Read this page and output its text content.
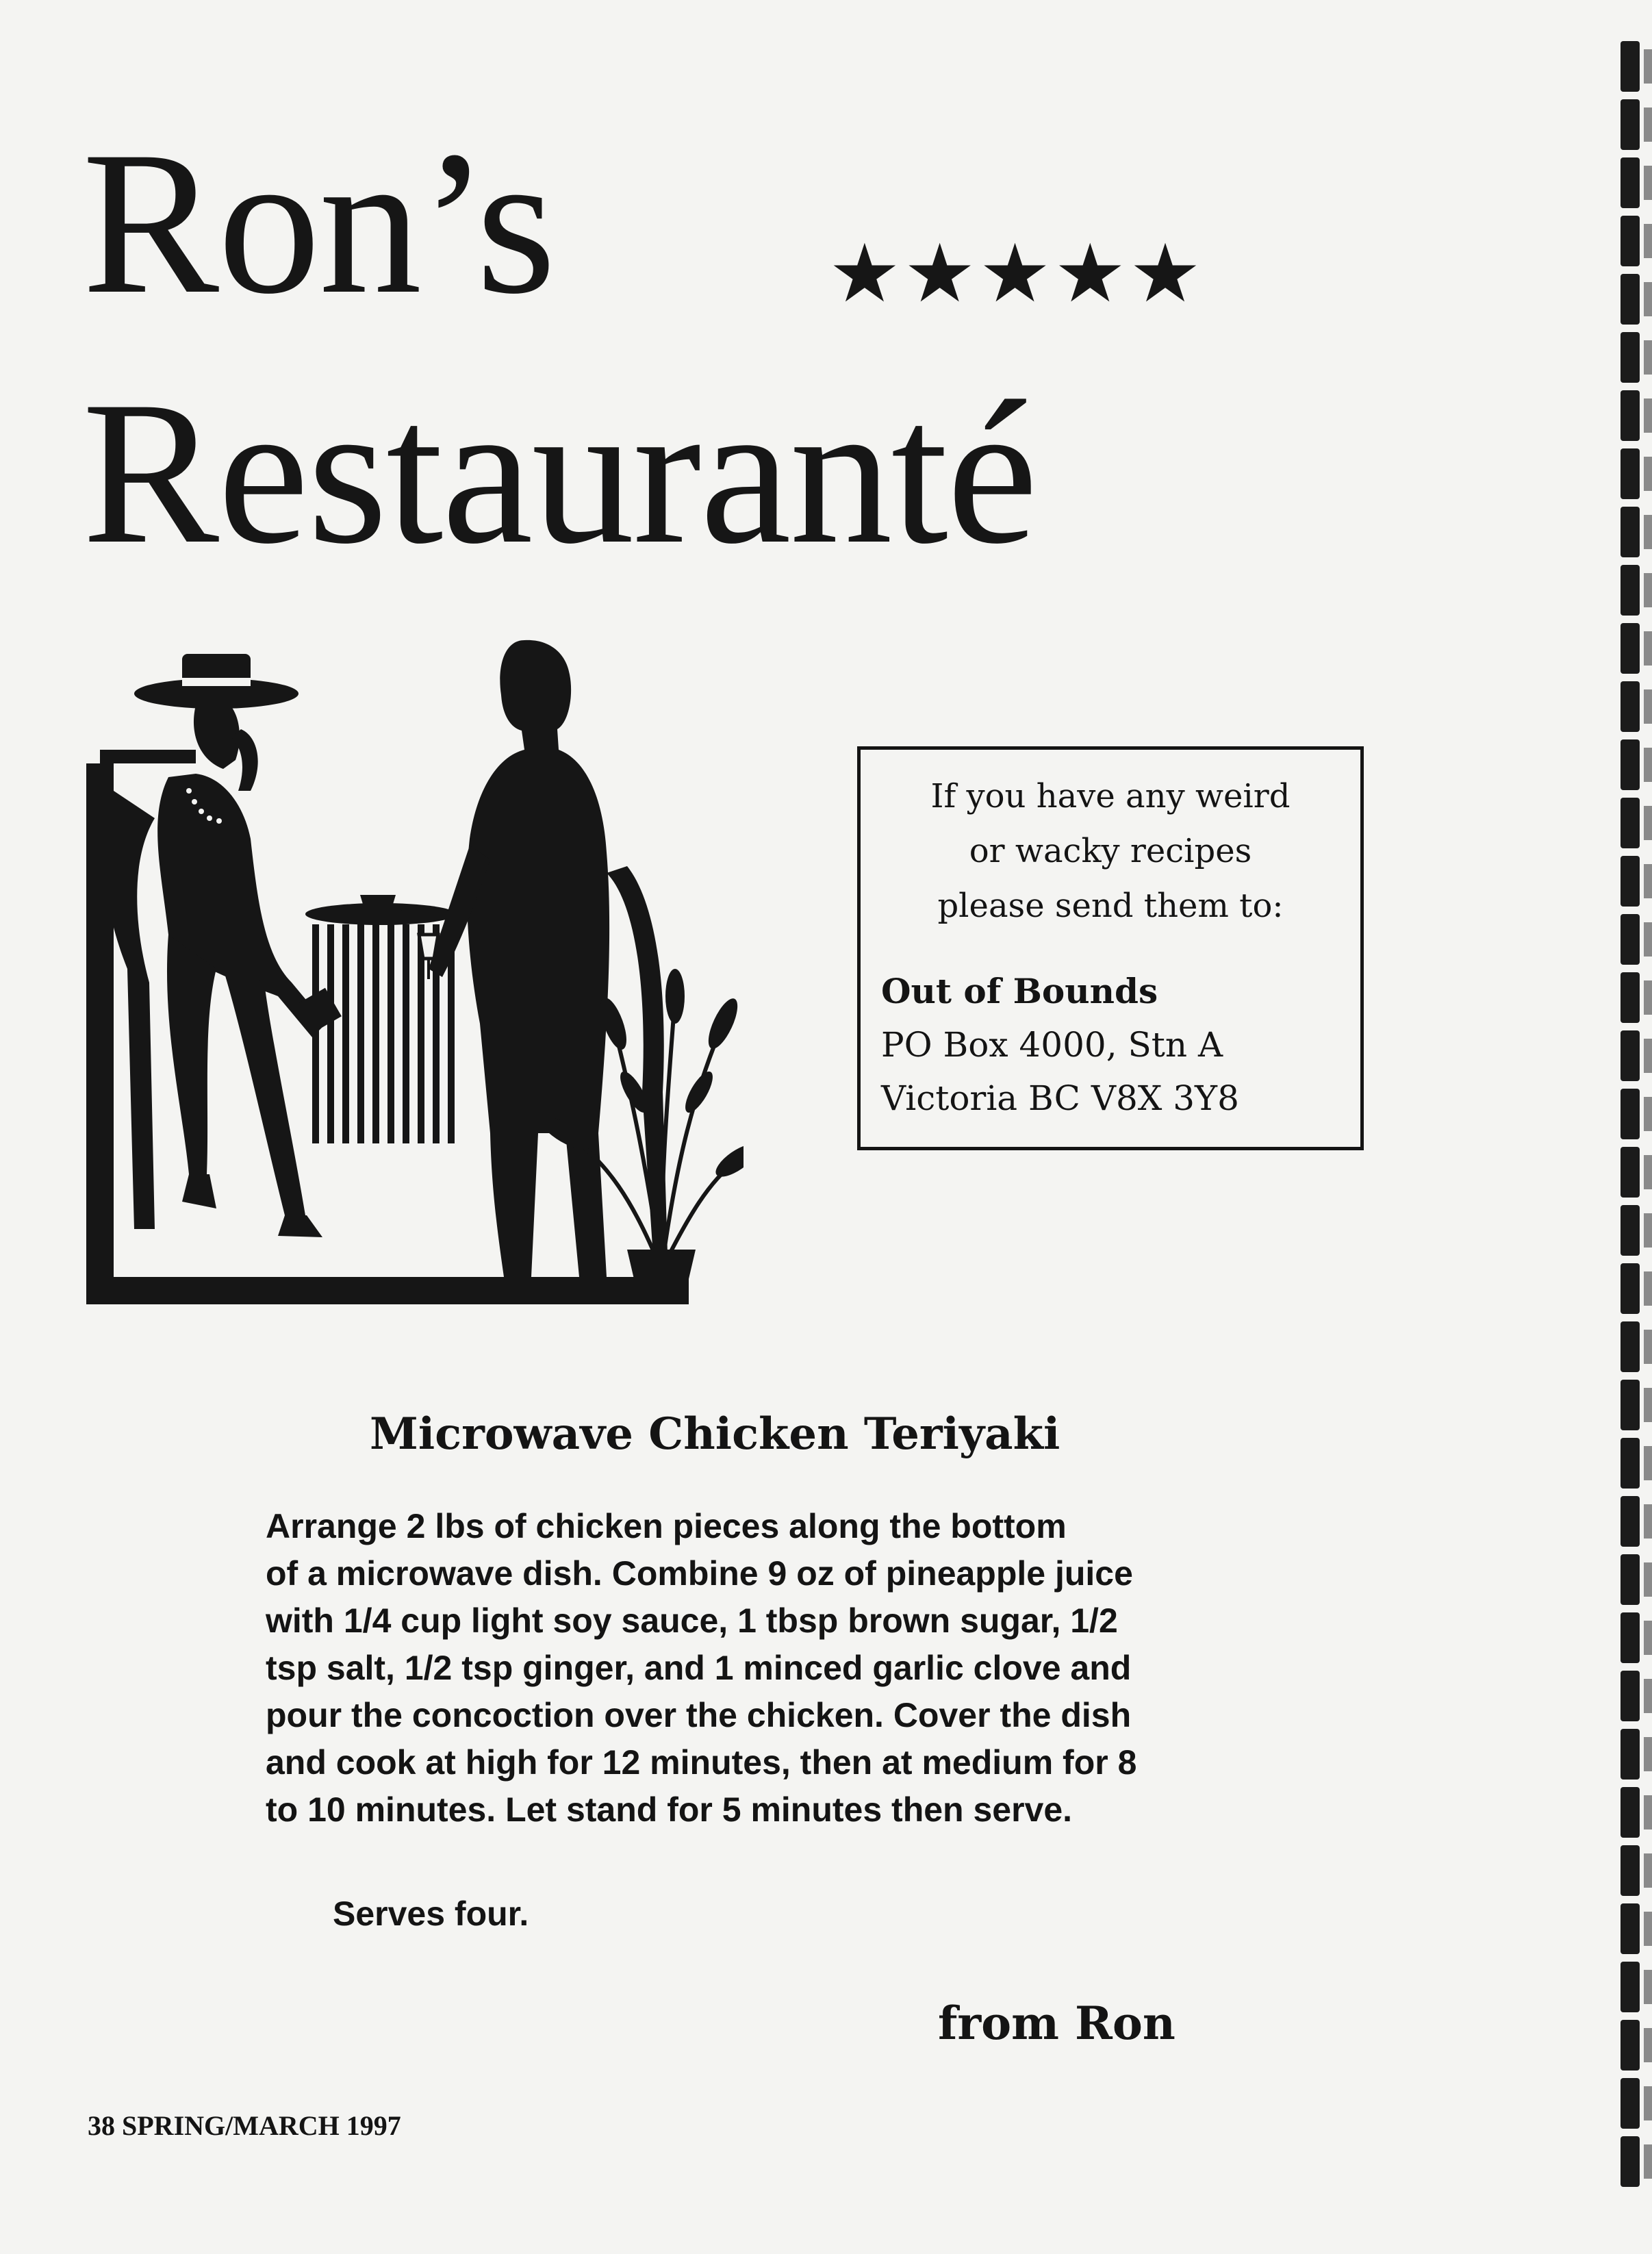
Ron’s	★★★★★
Restauranté
If you have any weird
or wacky recipes
please send them to:
Out of Bounds
PO Box 4000, Stn A
Victoria BC V8X 3Y8
Microwave Chicken Teriyaki
Arrange 2 lbs of chicken pieces along the bottom
of a microwave dish. Combine 9 oz of pineapple juice
with 1/4 cup light soy sauce, 1 tbsp brown sugar, 1/2
tsp salt, 1/2 tsp ginger, and 1 minced garlic clove and
pour the concoction over the chicken. Cover the dish
and cook at high for 12 minutes, then at medium for 8
to 10 minutes. Let stand for 5 minutes then serve.
Serves four.
from Ron
38 SPRING/MARCH 1997
